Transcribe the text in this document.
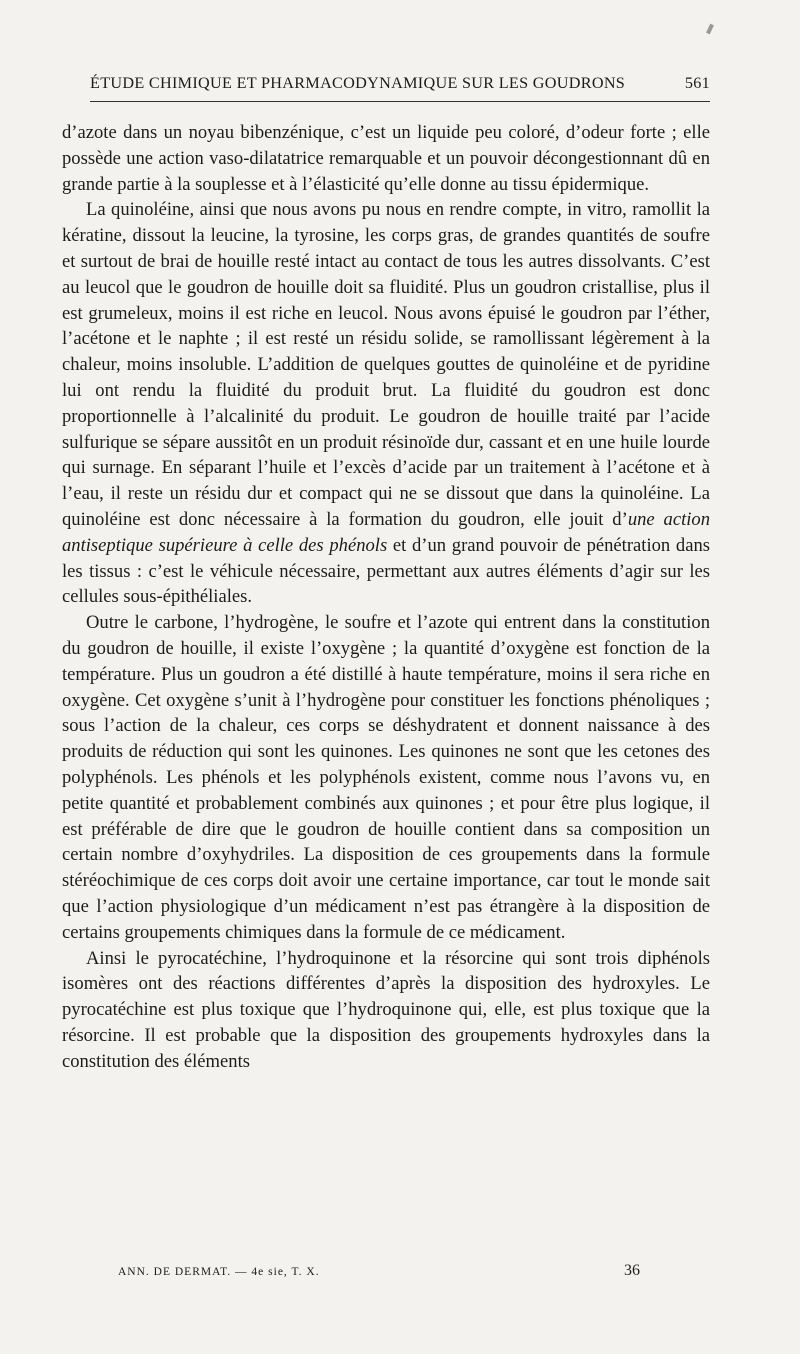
ÉTUDE CHIMIQUE ET PHARMACODYNAMIQUE SUR LES GOUDRONS	561

d’azote dans un noyau bibenzénique, c’est un liquide peu coloré, d’odeur forte ; elle possède une action vaso-dilatatrice remarquable et un pouvoir décongestionnant dû en grande partie à la souplesse et à l’élasticité qu’elle donne au tissu épidermique.

La quinoléine, ainsi que nous avons pu nous en rendre compte, in vitro, ramollit la kératine, dissout la leucine, la tyrosine, les corps gras, de grandes quantités de soufre et surtout de brai de houille resté intact au contact de tous les autres dissolvants. C’est au leucol que le goudron de houille doit sa fluidité. Plus un goudron cristallise, plus il est grumeleux, moins il est riche en leucol. Nous avons épuisé le goudron par l’éther, l’acétone et le naphte ; il est resté un résidu solide, se ramollissant légèrement à la chaleur, moins insoluble. L’addition de quelques gouttes de quinoléine et de pyridine lui ont rendu la fluidité du produit brut. La fluidité du goudron est donc proportionnelle à l’alcalinité du produit. Le goudron de houille traité par l’acide sulfurique se sépare aussitôt en un produit résinoïde dur, cassant et en une huile lourde qui surnage. En séparant l’huile et l’excès d’acide par un traitement à l’acétone et à l’eau, il reste un résidu dur et compact qui ne se dissout que dans la quinoléine. La quinoléine est donc nécessaire à la formation du goudron, elle jouit d’une action antiseptique supérieure à celle des phénols et d’un grand pouvoir de pénétration dans les tissus : c’est le véhicule nécessaire, permettant aux autres éléments d’agir sur les cellules sous-épithéliales.

Outre le carbone, l’hydrogène, le soufre et l’azote qui entrent dans la constitution du goudron de houille, il existe l’oxygène ; la quantité d’oxygène est fonction de la température. Plus un goudron a été distillé à haute température, moins il sera riche en oxygène. Cet oxygène s’unit à l’hydrogène pour constituer les fonctions phénoliques ; sous l’action de la chaleur, ces corps se déshydratent et donnent naissance à des produits de réduction qui sont les quinones. Les quinones ne sont que les cetones des polyphénols. Les phénols et les polyphénols existent, comme nous l’avons vu, en petite quantité et probablement combinés aux quinones ; et pour être plus logique, il est préférable de dire que le goudron de houille contient dans sa composition un certain nombre d’oxyhydriles. La disposition de ces groupements dans la formule stéréochimique de ces corps doit avoir une certaine importance, car tout le monde sait que l’action physiologique d’un médicament n’est pas étrangère à la disposition de certains groupements chimiques dans la formule de ce médicament.

Ainsi le pyrocatéchine, l’hydroquinone et la résorcine qui sont trois diphénols isomères ont des réactions différentes d’après la disposition des hydroxyles. Le pyrocatéchine est plus toxique que l’hydroquinone qui, elle, est plus toxique que la résorcine. Il est probable que la disposition des groupements hydroxyles dans la constitution des éléments

ANN. DE DERMAT. — 4e sie, T. X.	36
